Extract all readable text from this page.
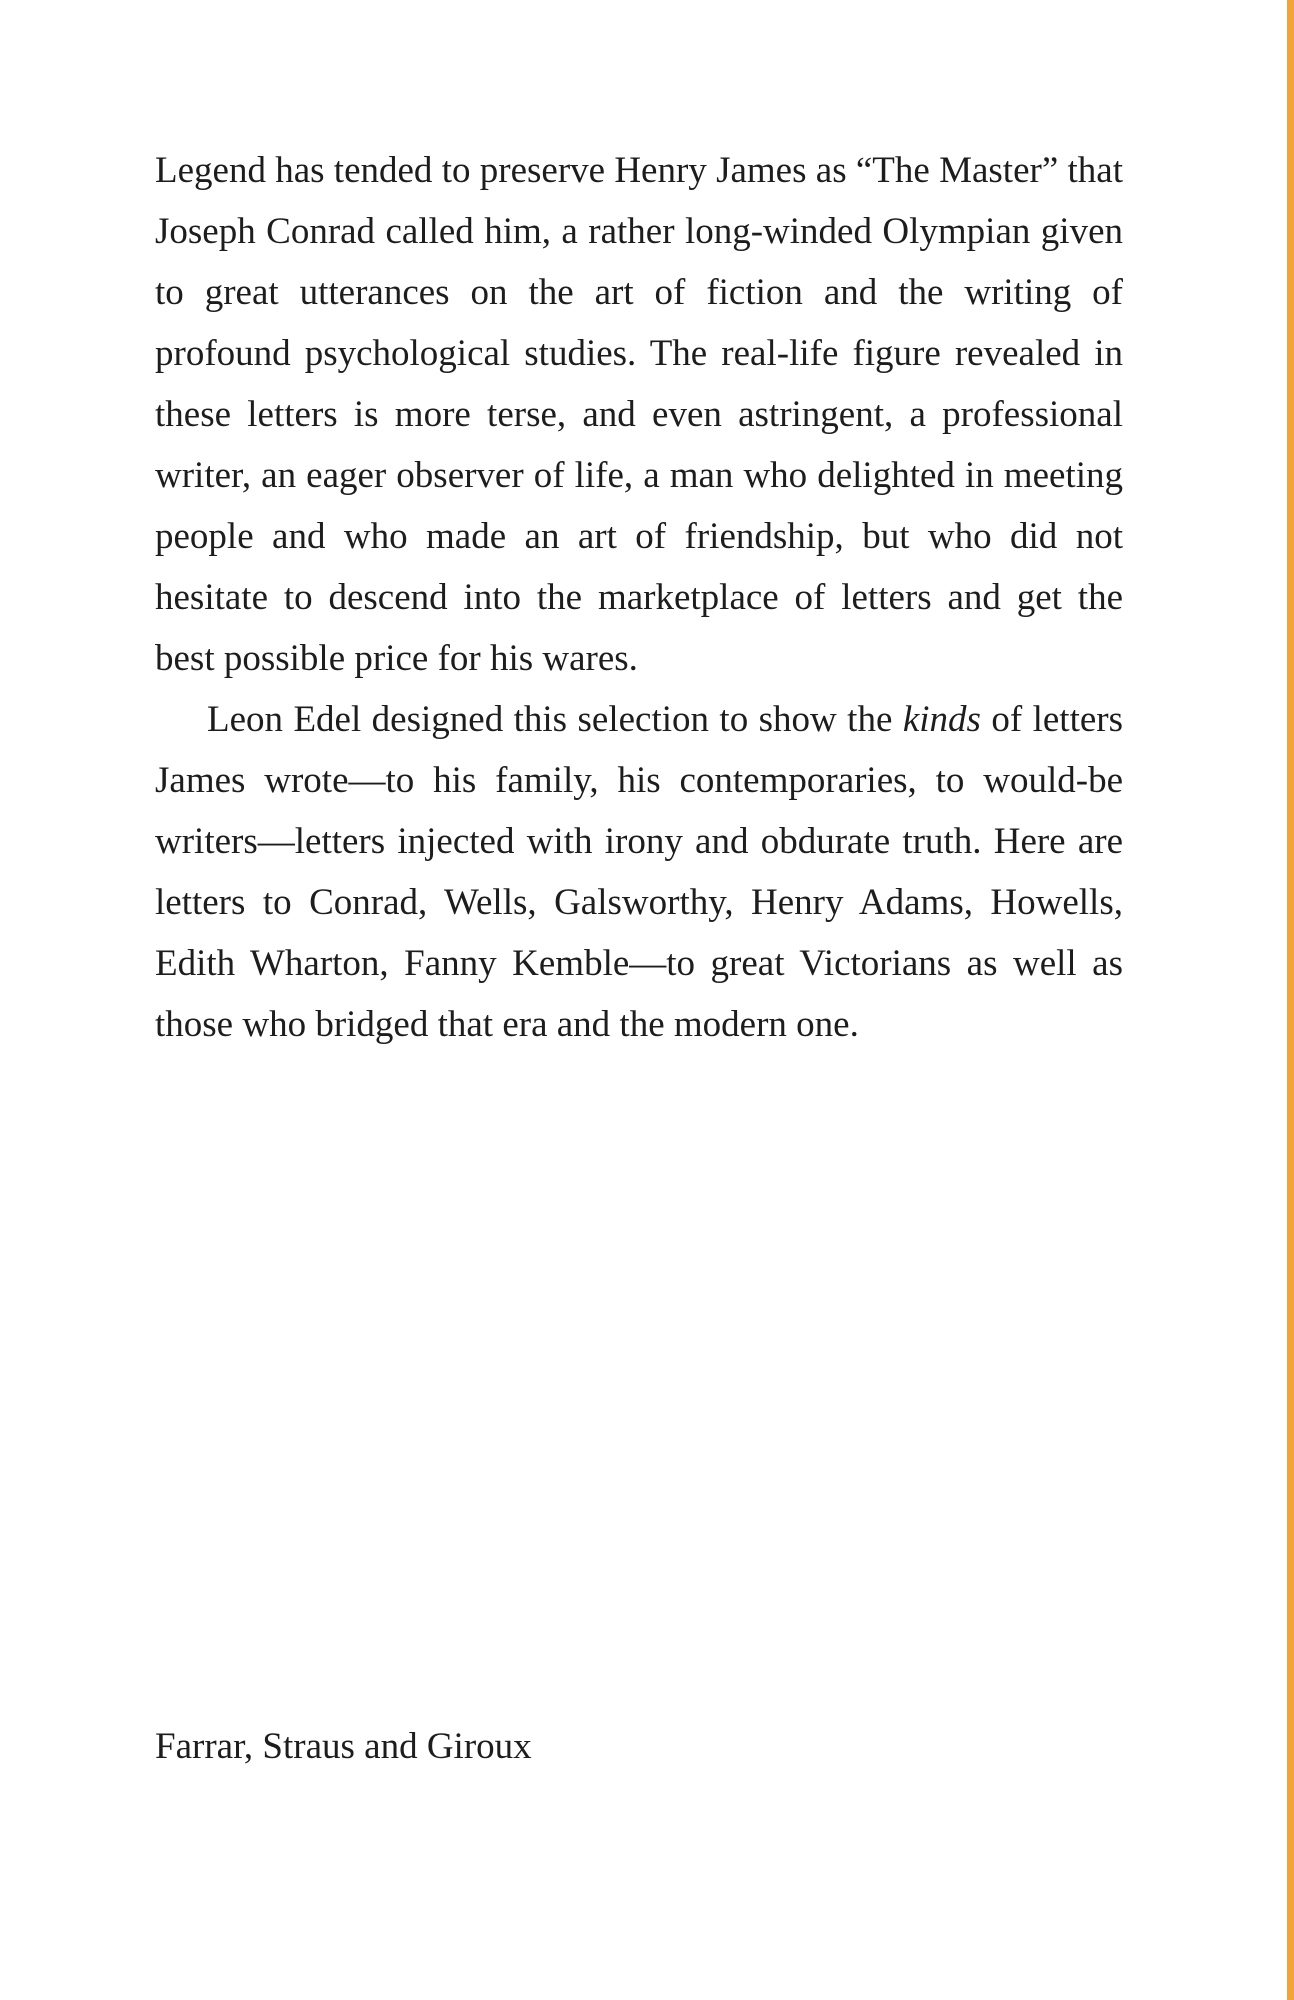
Legend has tended to preserve Henry James as “The Master” that Joseph Conrad called him, a rather long-winded Olympian given to great utterances on the art of fiction and the writing of profound psychological studies. The real-life figure revealed in these letters is more terse, and even astringent, a professional writer, an eager observer of life, a man who delighted in meeting people and who made an art of friendship, but who did not hesitate to descend into the marketplace of letters and get the best possible price for his wares.

Leon Edel designed this selection to show the kinds of letters James wrote—to his family, his contemporaries, to would-be writers—letters injected with irony and obdurate truth. Here are letters to Conrad, Wells, Galsworthy, Henry Adams, Howells, Edith Wharton, Fanny Kemble—to great Victorians as well as those who bridged that era and the modern one.

Farrar, Straus and Giroux
